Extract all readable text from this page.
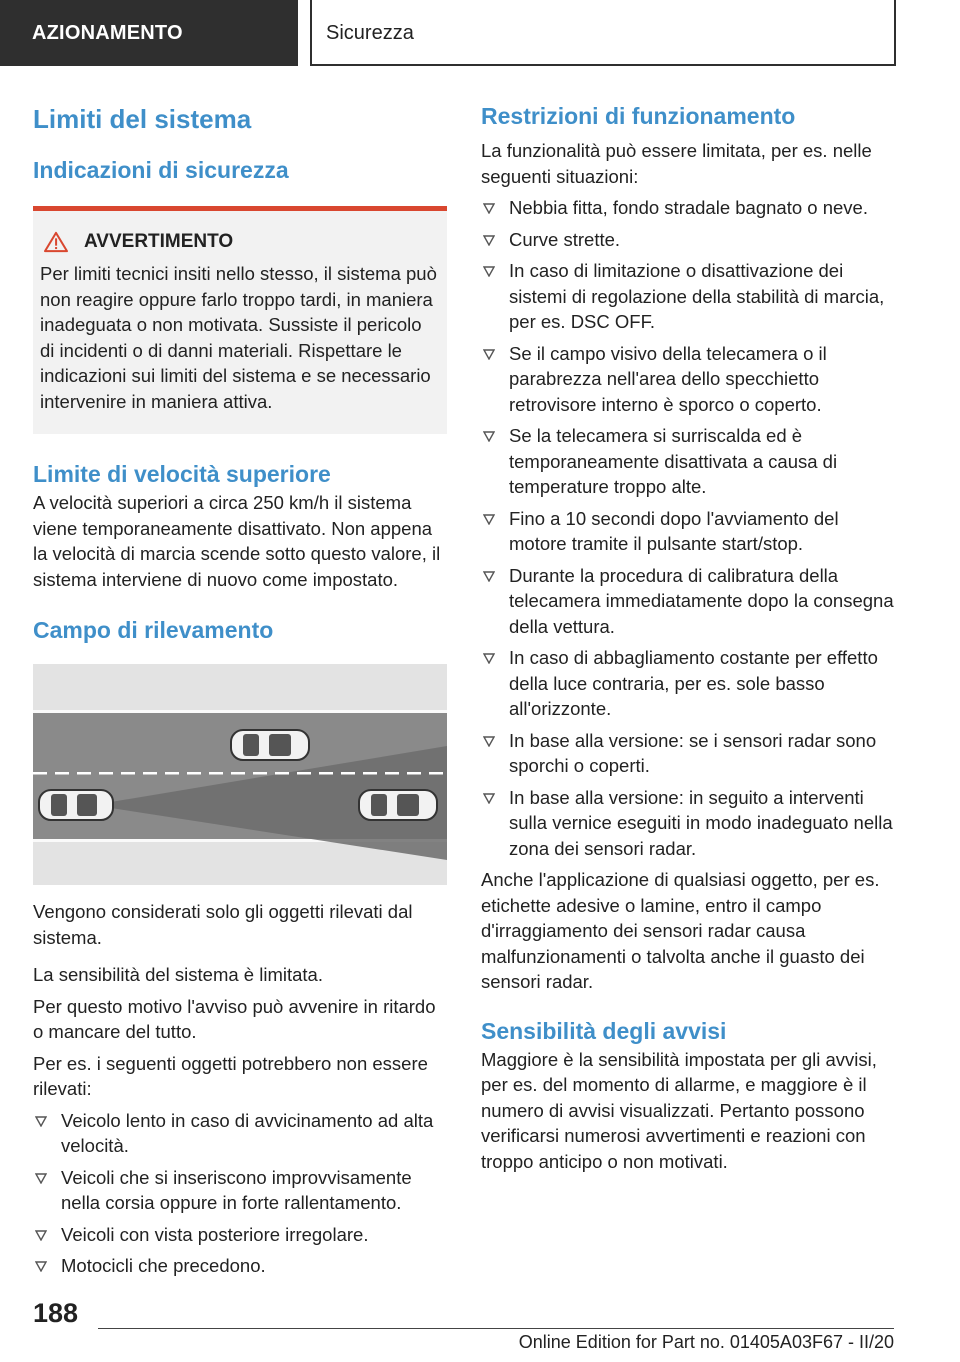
AZIONAMENTO	Sicurezza
Limiti del sistema
Indicazioni di sicurezza
AVVERTIMENTO

Per limiti tecnici insiti nello stesso, il sistema può non reagire oppure farlo troppo tardi, in maniera inadeguata o non motivata. Sussiste il pericolo di incidenti o di danni materiali. Rispettare le indicazioni sui limiti del sistema e se necessario intervenire in maniera attiva.

Limite di velocità superiore

A velocità superiori a circa 250 km/h il sistema viene temporaneamente disattivato. Non appena la velocità di marcia scende sotto questo valore, il sistema interviene di nuovo come impostato.

Campo di rilevamento

Vengono considerati solo gli oggetti rilevati dal sistema.

La sensibilità del sistema è limitata.

Per questo motivo l'avviso può avvenire in ritardo o mancare del tutto.

Per es. i seguenti oggetti potrebbero non essere rilevati:

Veicolo lento in caso di avvicinamento ad alta velocità.
Veicoli che si inseriscono improvvisamente nella corsia oppure in forte rallentamento.
Veicoli con vista posteriore irregolare.
Motocicli che precedono.
Restrizioni di funzionamento

La funzionalità può essere limitata, per es. nelle seguenti situazioni:

Nebbia fitta, fondo stradale bagnato o neve.
Curve strette.
In caso di limitazione o disattivazione dei sistemi di regolazione della stabilità di marcia, per es. DSC OFF.
Se il campo visivo della telecamera o il parabrezza nell'area dello specchietto retrovisore interno è sporco o coperto.
Se la telecamera si surriscalda ed è temporaneamente disattivata a causa di temperature troppo alte.
Fino a 10 secondi dopo l'avviamento del motore tramite il pulsante start/stop.
Durante la procedura di calibratura della telecamera immediatamente dopo la consegna della vettura.
In caso di abbagliamento costante per effetto della luce contraria, per es. sole basso all'orizzonte.
In base alla versione: se i sensori radar sono sporchi o coperti.
In base alla versione: in seguito a interventi sulla vernice eseguiti in modo inadeguato nella zona dei sensori radar.

Anche l'applicazione di qualsiasi oggetto, per es. etichette adesive o lamine, entro il campo d'irraggiamento dei sensori radar causa malfunzionamenti o talvolta anche il guasto dei sensori radar.

Sensibilità degli avvisi

Maggiore è la sensibilità impostata per gli avvisi, per es. del momento di allarme, e maggiore è il numero di avvisi visualizzati. Pertanto possono verificarsi numerosi avvertimenti e reazioni con troppo anticipo o non motivati.

188
Online Edition for Part no. 01405A03F67 - II/20
